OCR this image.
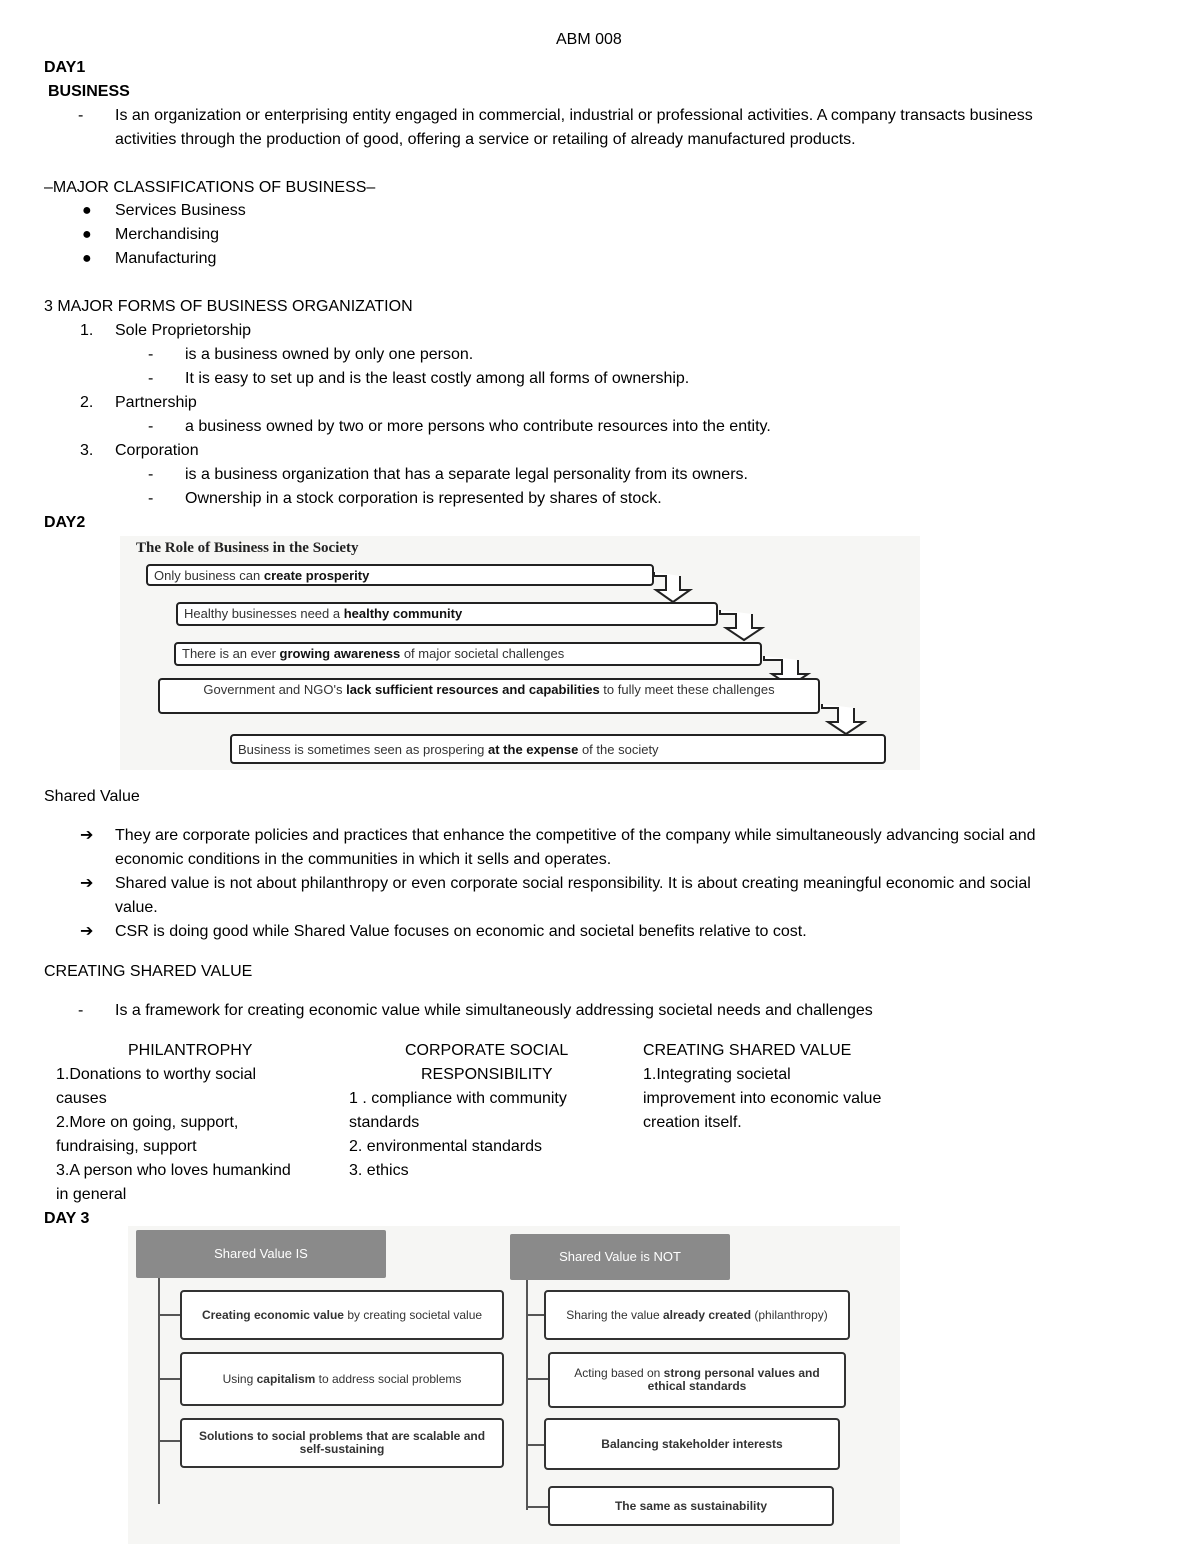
ABM 008
DAY1
BUSINESS
- Is an organization or enterprising entity engaged in commercial, industrial or professional activities. A company transacts business
activities through the production of good, offering a service or retailing of already manufactured products.
–MAJOR CLASSIFICATIONS OF BUSINESS–
● Services Business
● Merchandising
● Manufacturing
3 MAJOR FORMS OF BUSINESS ORGANIZATION
1. Sole Proprietorship
- is a business owned by only one person.
- It is easy to set up and is the least costly among all forms of ownership.
2. Partnership
- a business owned by two or more persons who contribute resources into the entity.
3. Corporation
- is a business organization that has a separate legal personality from its owners.
- Ownership in a stock corporation is represented by shares of stock.
DAY2
The Role of Business in the Society
Only business can create prosperity
Healthy businesses need a healthy community
There is an ever growing awareness of major societal challenges
Government and NGO's lack sufficient resources and capabilities to fully meet these challenges
Business is sometimes seen as prospering at the expense of the society
Shared Value
➔ They are corporate policies and practices that enhance the competitive of the company while simultaneously advancing social and
economic conditions in the communities in which it sells and operates.
➔ Shared value is not about philanthropy or even corporate social responsibility. It is about creating meaningful economic and social
value.
➔ CSR is doing good while Shared Value focuses on economic and societal benefits relative to cost.
CREATING SHARED VALUE
- Is a framework for creating economic value while simultaneously addressing societal needs and challenges
PHILANTROPHY
1.Donations to worthy social
causes
2.More on going, support,
fundraising, support
3.A person who loves humankind
in general
CORPORATE SOCIAL
RESPONSIBILITY
1 . compliance with community
standards
2. environmental standards
3. ethics
CREATING SHARED VALUE
1.Integrating societal
improvement into economic value
creation itself.
DAY 3
Shared Value IS
Creating economic value by creating societal value
Using capitalism to address social problems
Solutions to social problems that are scalable and self-sustaining
Shared Value is NOT
Sharing the value already created (philanthropy)
Acting based on strong personal values and ethical standards
Balancing stakeholder interests
The same as sustainability
